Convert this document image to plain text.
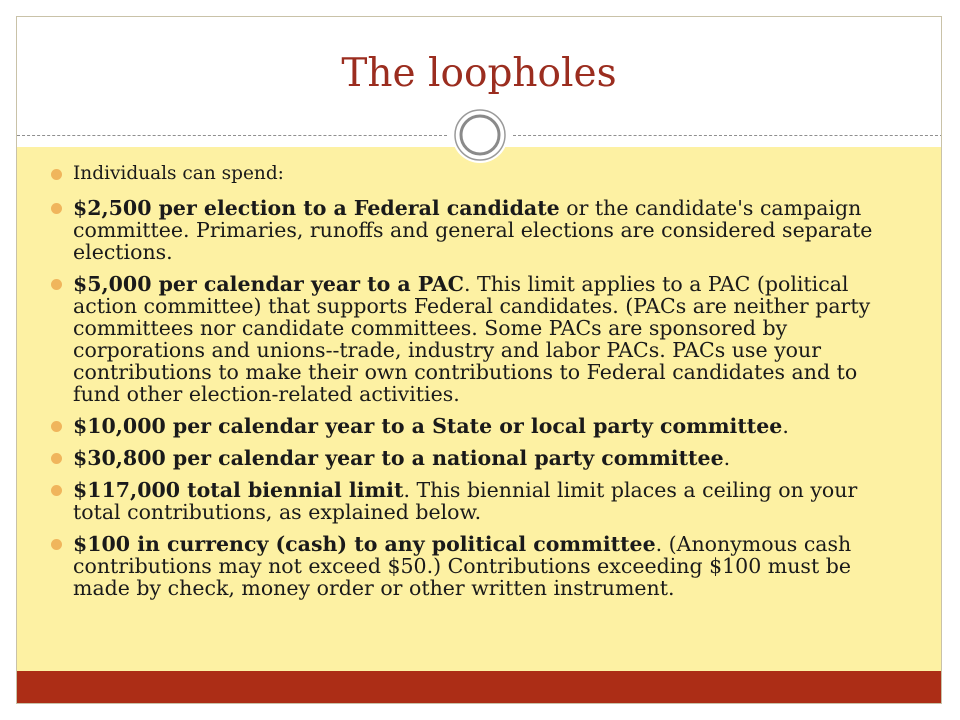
The loopholes
Individuals can spend:
$2,500 per election to a Federal candidate or the candidate's campaign committee. Primaries, runoffs and general elections are considered separate elections.
$5,000 per calendar year to a PAC. This limit applies to a PAC (political action committee) that supports Federal candidates. (PACs are neither party committees nor candidate committees. Some PACs are sponsored by corporations and unions--trade, industry and labor PACs. PACs use your contributions to make their own contributions to Federal candidates and to fund other election-related activities.
$10,000 per calendar year to a State or local party committee.
$30,800 per calendar year to a national party committee.
$117,000 total biennial limit. This biennial limit places a ceiling on your total contributions, as explained below.
$100 in currency (cash) to any political committee. (Anonymous cash contributions may not exceed $50.) Contributions exceeding $100 must be made by check, money order or other written instrument.
